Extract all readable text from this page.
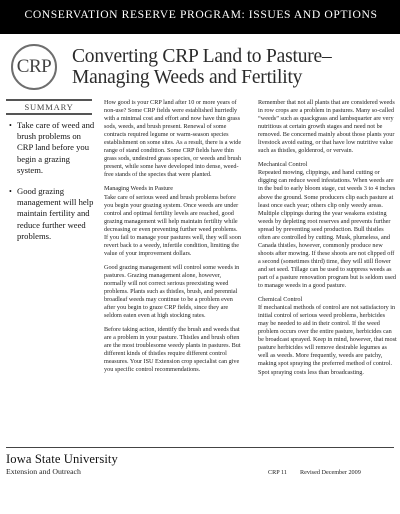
CONSERVATION RESERVE PROGRAM: ISSUES AND OPTIONS
CRP Converting CRP Land to Pasture– Managing Weeds and Fertility
SUMMARY
• Take care of weed and brush problems on CRP land before you begin a grazing system.
• Good grazing management will help maintain fertility and reduce further weed problems.

How good is your CRP land after 10 or more years of non-use? Some CRP fields were established hurriedly with a minimal cost and effort and now have thin grass sods, weeds, and brush present. Renewal of some contracts required legume or warm-season species establishment on some sites. As a result, there is a wide range of stand condition. Some CRP fields have thin grass sods, undesired grass species, or weeds and brush present, while some have developed into dense, weed-free stands of the species that were planted.

Managing Weeds in Pasture

Take care of serious weed and brush problems before you begin your grazing system. Once weeds are under control and optimal fertility levels are reached, good grazing management will help maintain fertility while decreasing or even preventing further weed problems. If you fail to manage your pastures well, they will soon revert back to a weedy, infertile condition, limiting the value of your improvement dollars.

Good grazing management will control some weeds in pastures. Grazing management alone, however, normally will not correct serious preexisting weed problems. Plants such as thistles, brush, and perennial broadleaf weeds may continue to be a problem even after you begin to graze CRP fields, since they are seldom eaten even at high stocking rates.

Before taking action, identify the brush and weeds that are a problem in your pasture. Thistles and brush often are the most troublesome weedy plants in pastures. But different kinds of thistles require different control measures. Your ISU Extension crop specialist can give you specific control recommendations.

Remember that not all plants that are considered weeds in row crops are a problem in pastures. Many so-called “weeds” such as quackgrass and lambsquarter are very nutritious at certain growth stages and need not be removed. Be concerned mainly about those plants your livestock avoid eating, or that have low nutritive value such as thistles, goldenrod, or vervain.

Mechanical Control

Repeated mowing, clippings, and hand cutting or digging can reduce weed infestations. When weeds are in the bud to early bloom stage, cut weeds 3 to 4 inches above the ground. Some producers clip each pasture at least once each year; others clip only weedy areas. Multiple clippings during the year weakens existing weeds by depleting root reserves and prevents further spread by preventing seed production. Bull thistles often are controlled by cutting. Musk, plumeless, and Canada thistles, however, commonly produce new shoots after mowing. If these shoots are not clipped off a second (sometimes third) time, they will still flower and set seed. Tillage can be used to suppress weeds as part of a pasture renovation program but is seldom used to manage weeds in a good pasture.

Chemical Control

If mechanical methods of control are not satisfactory in initial control of serious weed problems, herbicides may be needed to aid in their control. If the weed problem occurs over the entire pasture, herbicides can be broadcast sprayed. Keep in mind, however, that most pasture herbicides will remove desirable legumes as well as weeds. More frequently, weeds are patchy, making spot spraying the preferred method of control. Spot spraying costs less than broadcasting.

Iowa State University
Extension and Outreach	CRP 11 Revised December 2009
